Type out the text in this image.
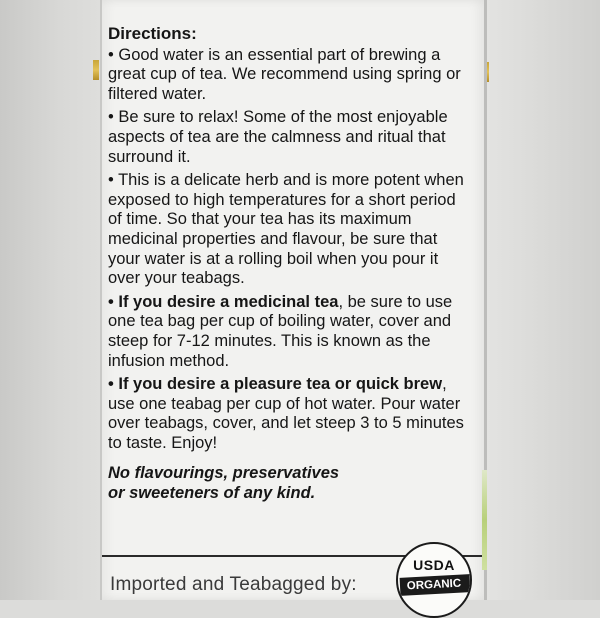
Directions:

• Good water is an essential part of brewing a great cup of tea. We recommend using spring or filtered water.

• Be sure to relax! Some of the most enjoyable aspects of tea are the calmness and ritual that surround it.

• This is a delicate herb and is more potent when exposed to high temperatures for a short period of time. So that your tea has its maximum medicinal properties and flavour, be sure that your water is at a rolling boil when you pour it over your teabags.

• If you desire a medicinal tea, be sure to use one tea bag per cup of boiling water, cover and steep for 7-12 minutes. This is known as the infusion method.

• If you desire a pleasure tea or quick brew, use one teabag per cup of hot water. Pour water over teabags, cover, and let steep 3 to 5 minutes to taste. Enjoy!

No flavourings, preservatives
or sweeteners of any kind.
Imported and Teabagged by:
USDA
ORGANIC
